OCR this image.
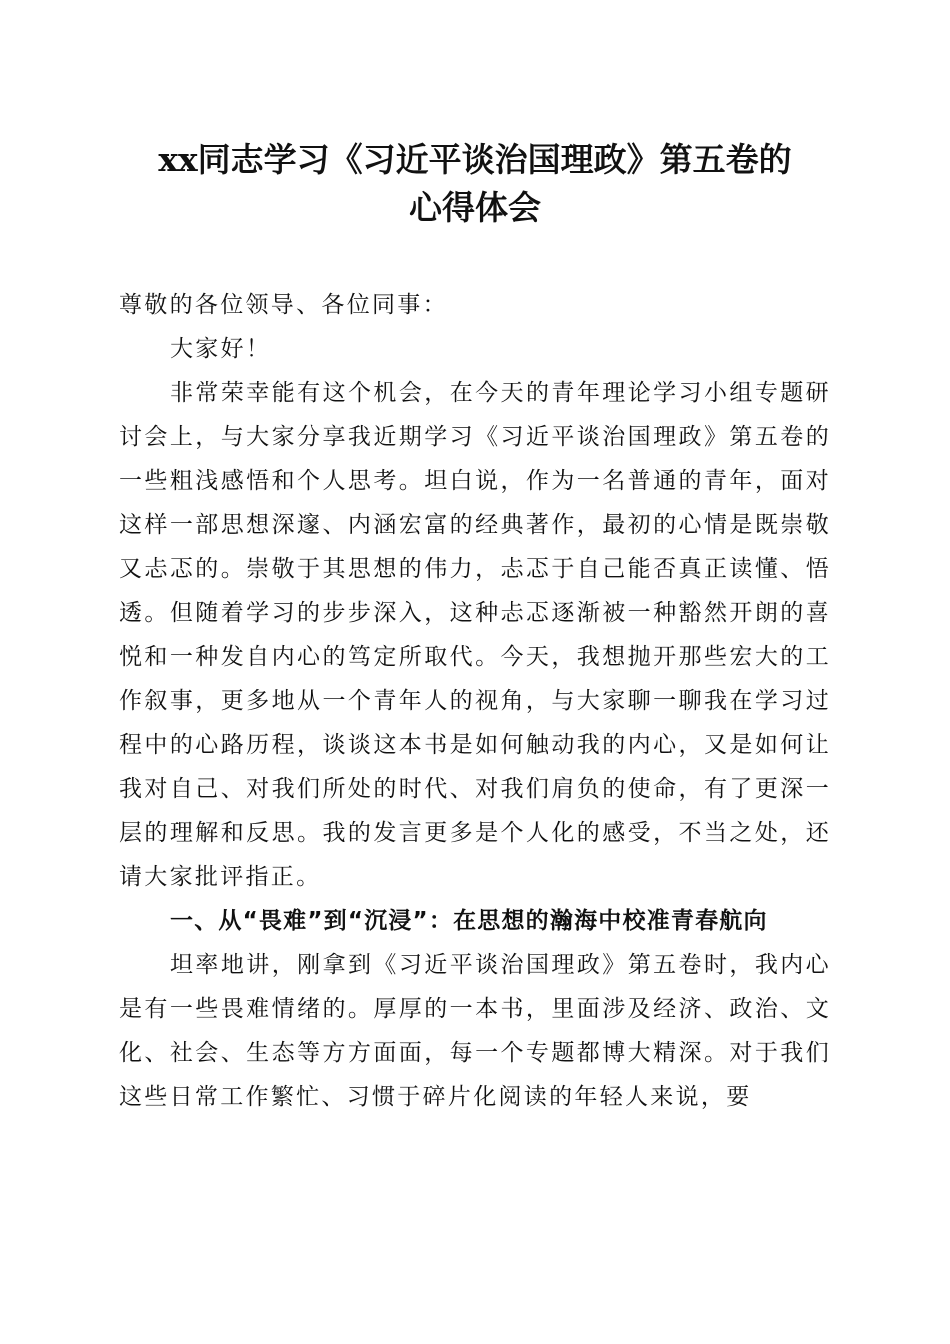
xx同志学习《习近平谈治国理政》第五卷的
心得体会

尊敬的各位领导、各位同事：

大家好！

非常荣幸能有这个机会，在今天的青年理论学习小组专题研讨会上，与大家分享我近期学习《习近平谈治国理政》第五卷的一些粗浅感悟和个人思考。坦白说，作为一名普通的青年，面对这样一部思想深邃、内涵宏富的经典著作，最初的心情是既崇敬又忐忑的。崇敬于其思想的伟力，忐忑于自己能否真正读懂、悟透。但随着学习的步步深入，这种忐忑逐渐被一种豁然开朗的喜悦和一种发自内心的笃定所取代。今天，我想抛开那些宏大的工作叙事，更多地从一个青年人的视角，与大家聊一聊我在学习过程中的心路历程，谈谈这本书是如何触动我的内心，又是如何让我对自己、对我们所处的时代、对我们肩负的使命，有了更深一层的理解和反思。我的发言更多是个人化的感受，不当之处，还请大家批评指正。

一、从“畏难”到“沉浸”：在思想的瀚海中校准青春航向

坦率地讲，刚拿到《习近平谈治国理政》第五卷时，我内心是有一些畏难情绪的。厚厚的一本书，里面涉及经济、政治、文化、社会、生态等方方面面，每一个专题都博大精深。对于我们这些日常工作繁忙、习惯于碎片化阅读的年轻人来说，要
